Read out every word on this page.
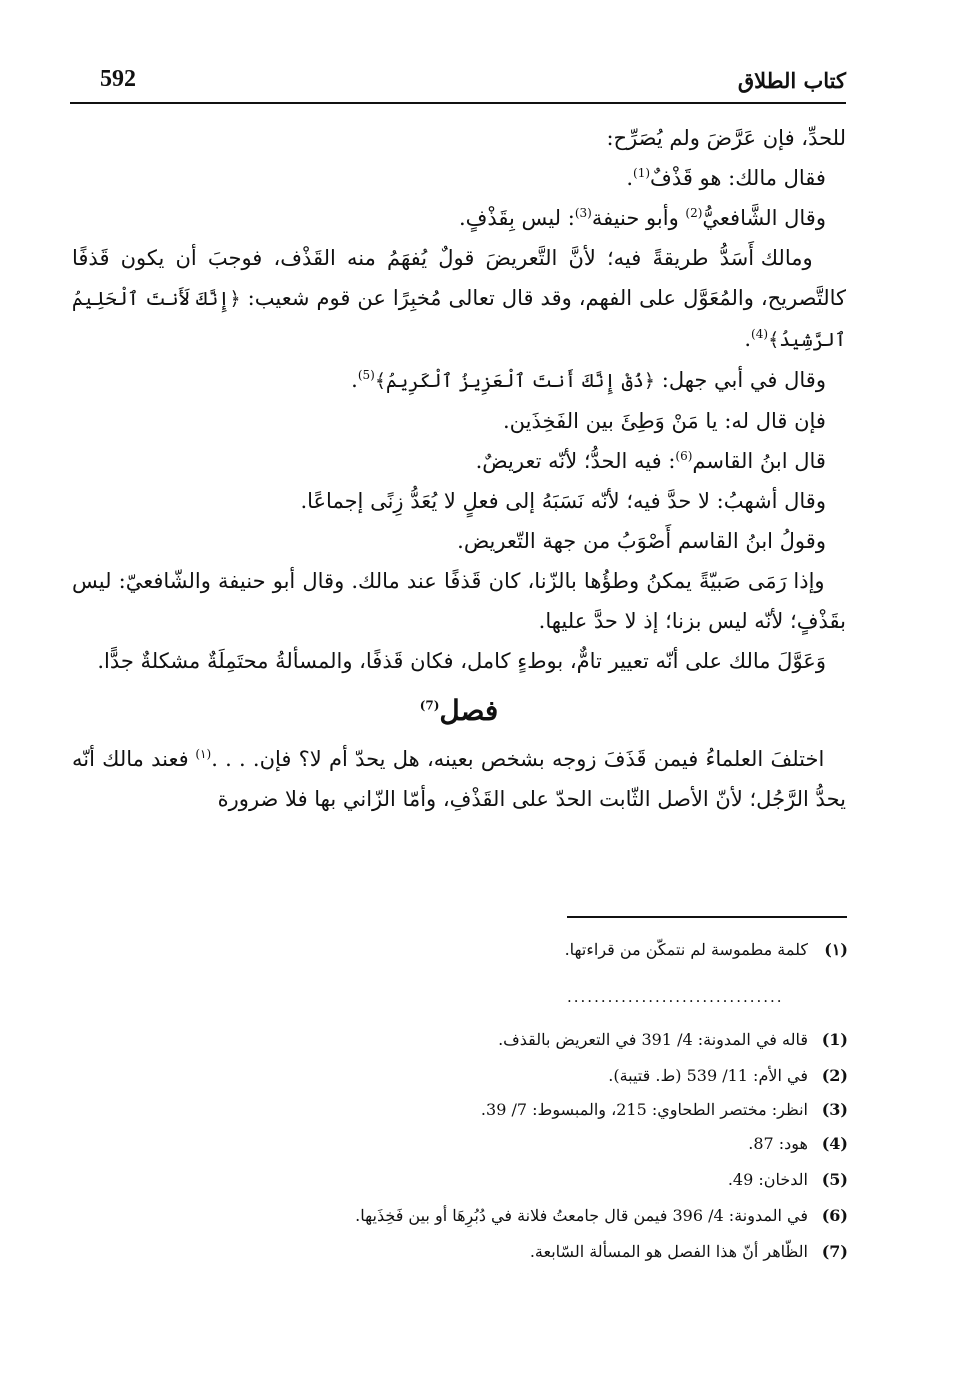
592	كتاب الطلاق

للحدِّ، فإن عَرَّضَ ولم يُصَرِّح:

فقال مالك: هو قَذْفٌ$^{(1)}$.

وقال الشَّافعيُّ$^{(2)}$ وأبو حنيفة$^{(3)}$: ليس بِقَذْفٍ.

ومالك أَسَدُّ طريقةً فيه؛ لأنَّ التَّعريضَ قولٌ يُفهَمُ منه القَذْف، فوجبَ أن يكون قَذفًا كالتَّصريح، والمُعَوَّل على الفهم، وقد قال تعالى مُخبِرًا عن قوم شعيب: ﴿إِنَّكَ لَأَنتَ ٱلْحَلِيمُ ٱلرَّشِيدُ﴾$^{(4)}$.

وقال في أبي جهل: ﴿ذُقْ إِنَّكَ أَنتَ ٱلْعَزِيزُ ٱلْكَرِيمُ﴾$^{(5)}$.

فإن قال له: يا مَنْ وَطِئَ بين الفَخِذَين.

قال ابنُ القاسم$^{(6)}$: فيه الحدُّ؛ لأنّه تعريضٌ.

وقال أشهبُ: لا حدَّ فيه؛ لأنّه نَسَبَهُ إلى فعلٍ لا يُعَدُّ زِنًى إجماعًا.

وقولُ ابنُ القاسم أَصْوَبُ من جهة التّعريض.

وإذا رَمَى صَبيّةً يمكنُ وطؤُها بالزّنا، كان قَذفًا عند مالك. وقال أبو حنيفة والشّافعيّ: ليس بقَذْفٍ؛ لأنّه ليس بزنا؛ إذ لا حدَّ عليها.

وَعَوَّلَ مالك على أنّه تعيير تامٌّ، بوطءٍ كامل، فكان قَذفًا، والمسألةُ محتَمِلَةٌ مشكلةٌ جدًّا.

فصل$^{(7)}$

اختلفَ العلماءُ فيمن قَذَفَ زوجه بشخص بعينه، هل يحدّ أم لا؟ فإن. . . .$^{(١)}$ فعند مالك أنّه يحدُّ الرَّجُل؛ لأنّ الأصل الثّابت الحدّ على القَذْفِ، وأمّا الزّاني بها فلا ضرورة

(١)كلمة مطموسة لم نتمكّن من قراءتها.
................................
(1)قاله في المدونة: 4/ 391 في التعريض بالقذف.
(2)في الأم: 11/ 539 (ط. قتيبة).
(3)انظر: مختصر الطحاوي: 215، والمبسوط: 7/ 39.
(4)هود: 87.
(5)الدخان: 49.
(6)في المدونة: 4/ 396 فيمن قال جامعتُ فلانة في دُبُرِهَا أو بين فَخِذَيها.
(7)الظّاهر أنّ هذا الفصل هو المسألة السّابعة.
